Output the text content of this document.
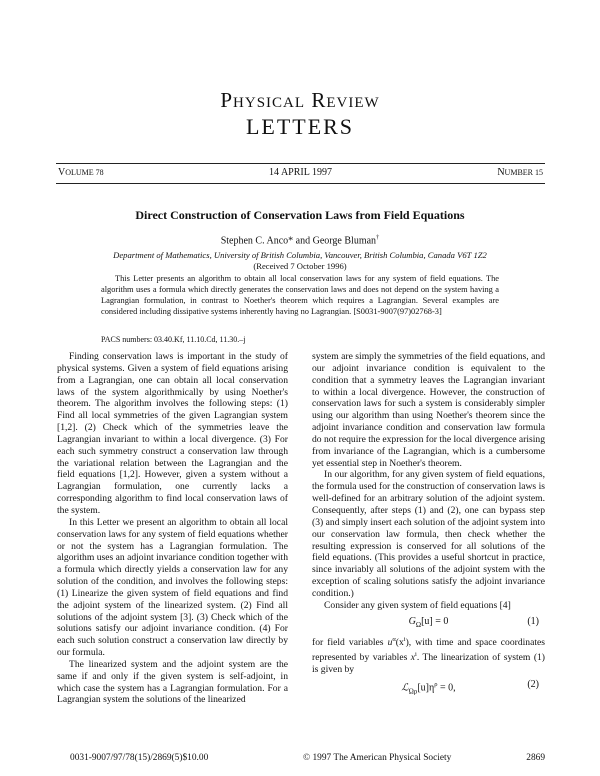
PHYSICAL REVIEW
LETTERS
VOLUME 78	14 APRIL 1997	NUMBER 15
Direct Construction of Conservation Laws from Field Equations
Stephen C. Anco* and George Bluman†
Department of Mathematics, University of British Columbia, Vancouver, British Columbia, Canada V6T 1Z2
(Received 7 October 1996)
This Letter presents an algorithm to obtain all local conservation laws for any system of field equations. The algorithm uses a formula which directly generates the conservation laws and does not depend on the system having a Lagrangian formulation, in contrast to Noether's theorem which requires a Lagrangian. Several examples are considered including dissipative systems inherently having no Lagrangian. [S0031-9007(97)02768-3]
PACS numbers: 03.40.Kf, 11.10.Cd, 11.30.–j

Finding conservation laws is important in the study of physical systems. Given a system of field equations arising from a Lagrangian, one can obtain all local conservation laws of the system algorithmically by using Noether's theorem. The algorithm involves the following steps: (1) Find all local symmetries of the given Lagrangian system [1,2]. (2) Check which of the symmetries leave the Lagrangian invariant to within a local divergence. (3) For each such symmetry construct a conservation law through the variational relation between the Lagrangian and the field equations [1,2]. However, given a system without a Lagrangian formulation, one currently lacks a corresponding algorithm to find local conservation laws of the system.

In this Letter we present an algorithm to obtain all local conservation laws for any system of field equations whether or not the system has a Lagrangian formulation. The algorithm uses an adjoint invariance condition together with a formula which directly yields a conservation law for any solution of the condition, and involves the following steps: (1) Linearize the given system of field equations and find the adjoint system of the linearized system. (2) Find all solutions of the adjoint system [3]. (3) Check which of the solutions satisfy our adjoint invariance condition. (4) For each such solution construct a conservation law directly by our formula.

The linearized system and the adjoint system are the same if and only if the given system is self-adjoint, in which case the system has a Lagrangian formulation. For a Lagrangian system the solutions of the linearized

system are simply the symmetries of the field equations, and our adjoint invariance condition is equivalent to the condition that a symmetry leaves the Lagrangian invariant to within a local divergence. However, the construction of conservation laws for such a system is considerably simpler using our algorithm than using Noether's theorem since the adjoint invariance condition and conservation law formula do not require the expression for the local divergence arising from invariance of the Lagrangian, which is a cumbersome yet essential step in Noether's theorem.

In our algorithm, for any given system of field equations, the formula used for the construction of conservation laws is well-defined for an arbitrary solution of the adjoint system. Consequently, after steps (1) and (2), one can bypass step (3) and simply insert each solution of the adjoint system into our conservation law formula, then check whether the resulting expression is conserved for all solutions of the field equations. (This provides a useful shortcut in practice, since invariably all solutions of the adjoint system with the exception of scaling solutions satisfy the adjoint invariance condition.)

Consider any given system of field equations [4]

$G_\Omega[u] = 0$	(1)

for field variables $u^\alpha(x^i)$, with time and space coordinates represented by variables $x^i$. The linearization of system (1) is given by

$ℒ_{\Omega\rho}[u]\eta^\rho = 0$,	(2)
0031-9007/97/78(15)/2869(5)$10.00	© 1997 The American Physical Society	2869
